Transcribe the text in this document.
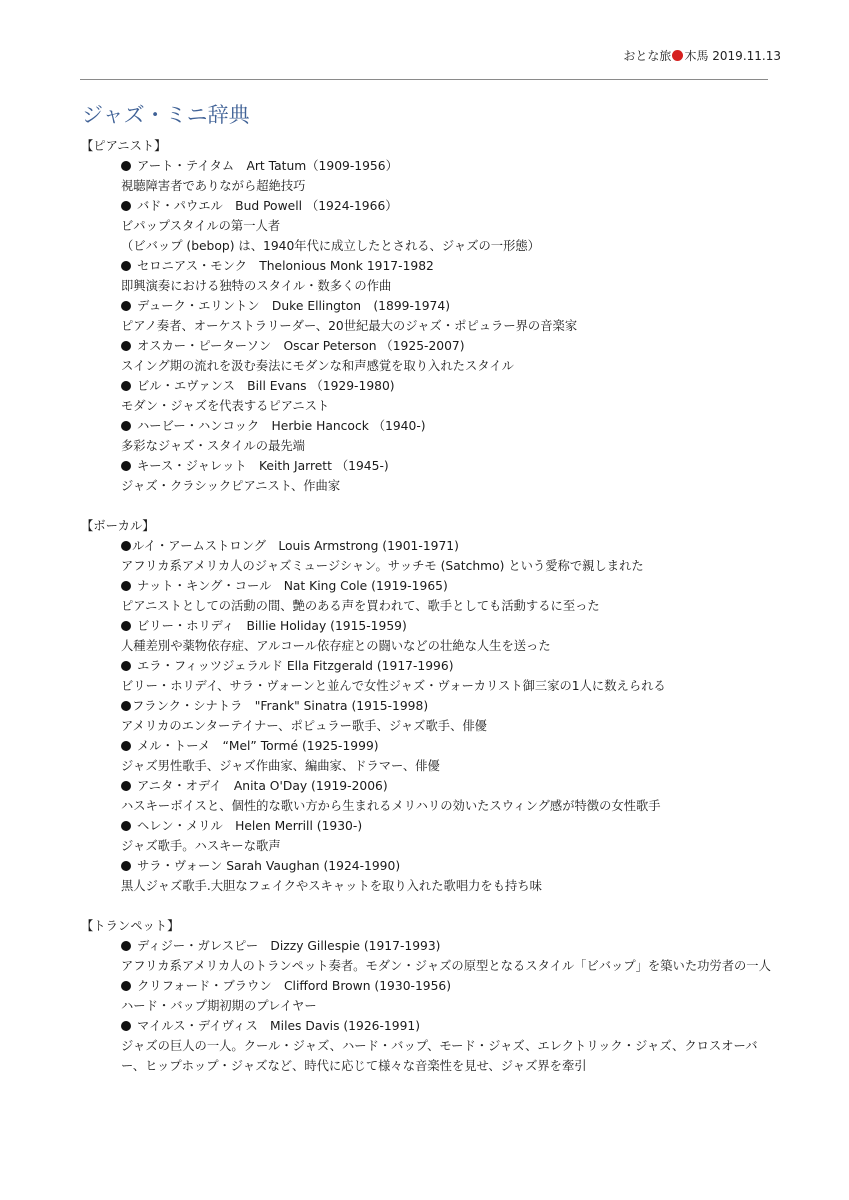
おとな旅 木馬 2019.11.13
ジャズ・ミニ辞典
【ピアニスト】
アート・テイタム　Art Tatum（1909-1956）
視聴障害者でありながら超絶技巧
バド・パウエル　Bud Powell （1924-1966）
ビパップスタイルの第一人者
（ビバップ (bebop) は、1940年代に成立したとされる、ジャズの一形態）
セロニアス・モンク　Thelonious Monk 1917-1982
即興演奏における独特のスタイル・数多くの作曲
デューク・エリントン　Duke Ellington　(1899-1974)
ピアノ奏者、オーケストラリーダー、20世紀最大のジャズ・ポピュラー界の音楽家
オスカー・ピーターソン　Oscar Peterson （1925-2007)
スイング期の流れを汲む奏法にモダンな和声感覚を取り入れたスタイル
ビル・エヴァンス　Bill Evans （1929-1980)
モダン・ジャズを代表するピアニスト
ハービー・ハンコック　Herbie Hancock （1940-)
多彩なジャズ・スタイルの最先端
キース・ジャレット　Keith Jarrett （1945-)
ジャズ・クラシックピアニスト、作曲家
【ボーカル】
ルイ・アームストロング　Louis Armstrong (1901-1971)
アフリカ系アメリカ人のジャズミュージシャン。サッチモ (Satchmo) という愛称で親しまれた
ナット・キング・コール　Nat King Cole (1919-1965)
ピアニストとしての活動の間、艶のある声を買われて、歌手としても活動するに至った
ビリー・ホリディ　Billie Holiday (1915-1959)
人種差別や薬物依存症、アルコール依存症との闘いなどの壮絶な人生を送った
エラ・フィッツジェラルド Ella Fitzgerald (1917-1996)
ビリー・ホリデイ、サラ・ヴォーンと並んで女性ジャズ・ヴォーカリスト御三家の1人に数えられる
フランク・シナトラ　"Frank" Sinatra (1915-1998)
アメリカのエンターテイナー、ポピュラー歌手、ジャズ歌手、俳優
メル・トーメ　“Mel” Tormé (1925-1999)
ジャズ男性歌手、ジャズ作曲家、編曲家、ドラマー、俳優
アニタ・オデイ　Anita O'Day (1919-2006)
ハスキーボイスと、個性的な歌い方から生まれるメリハリの効いたスウィング感が特徴の女性歌手
ヘレン・メリル　Helen Merrill (1930-)
ジャズ歌手。ハスキーな歌声
サラ・ヴォーン Sarah Vaughan (1924-1990)
黒人ジャズ歌手.大胆なフェイクやスキャットを取り入れた歌唱力をも持ち味
【トランペット】
ディジー・ガレスピー　Dizzy Gillespie (1917-1993)
アフリカ系アメリカ人のトランペット奏者。モダン・ジャズの原型となるスタイル「ビバップ」を築いた功労者の一人
クリフォード・ブラウン　Clifford Brown (1930-1956)
ハード・バップ期初期のプレイヤー
マイルス・デイヴィス　Miles Davis (1926-1991)
ジャズの巨人の一人。クール・ジャズ、ハード・バップ、モード・ジャズ、エレクトリック・ジャズ、クロスオーバー、ヒップホップ・ジャズなど、時代に応じて様々な音楽性を見せ、ジャズ界を牽引
